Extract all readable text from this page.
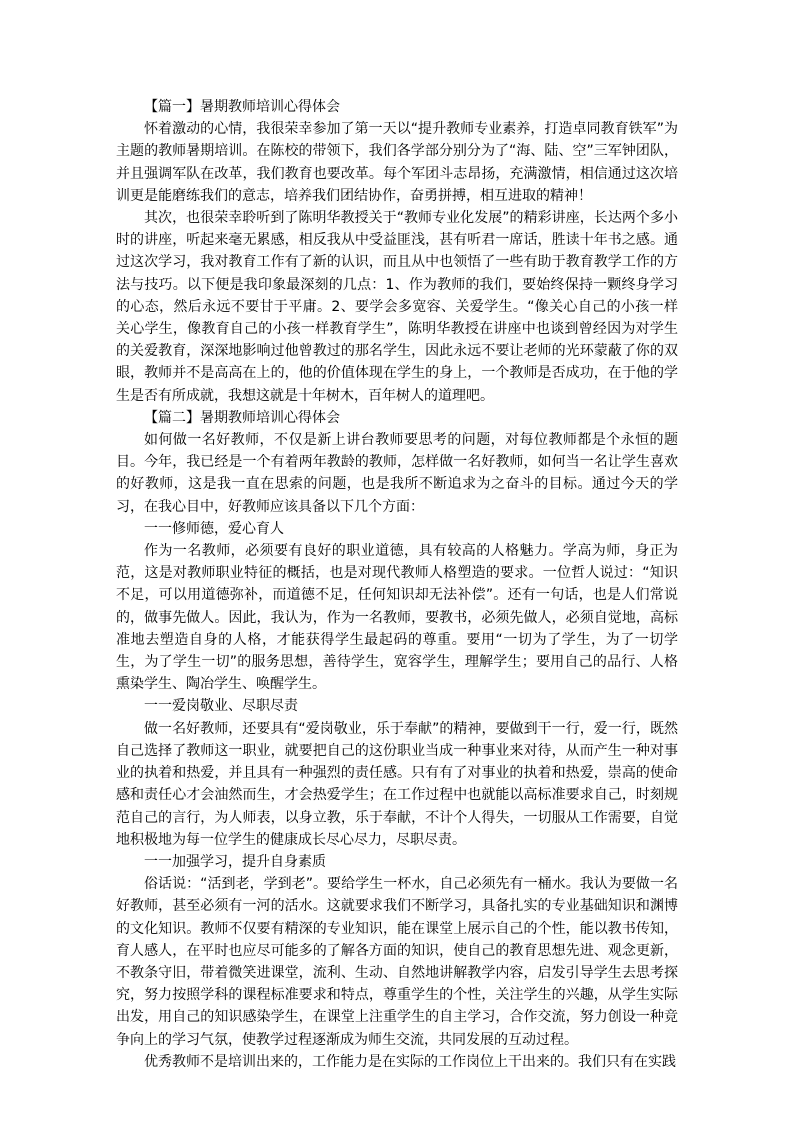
【篇一】暑期教师培训心得体会

怀着激动的心情，我很荣幸参加了第一天以“提升教师专业素养，打造卓同教育铁军”为主题的教师暑期培训。在陈校的带领下，我们各学部分别分为了“海、陆、空”三军钟团队，并且强调军队在改革，我们教育也要改革。每个军团斗志昂扬，充满激情，相信通过这次培训更是能磨练我们的意志，培养我们团结协作，奋勇拼搏，相互进取的精神！

其次，也很荣幸聆听到了陈明华教授关于“教师专业化发展”的精彩讲座，长达两个多小时的讲座，听起来毫无累感，相反我从中受益匪浅，甚有听君一席话，胜读十年书之感。通过这次学习，我对教育工作有了新的认识，而且从中也领悟了一些有助于教育教学工作的方法与技巧。以下便是我印象最深刻的几点：1、作为教师的我们，要始终保持一颗终身学习的心态，然后永远不要甘于平庸。2、要学会多宽容、关爱学生。“像关心自己的小孩一样关心学生，像教育自己的小孩一样教育学生”，陈明华教授在讲座中也谈到曾经因为对学生的关爱教育，深深地影响过他曾教过的那名学生，因此永远不要让老师的光环蒙蔽了你的双眼，教师并不是高高在上的，他的价值体现在学生的身上，一个教师是否成功，在于他的学生是否有所成就，我想这就是十年树木，百年树人的道理吧。

【篇二】暑期教师培训心得体会

如何做一名好教师，不仅是新上讲台教师要思考的问题，对每位教师都是个永恒的题目。今年，我已经是一个有着两年教龄的教师，怎样做一名好教师，如何当一名让学生喜欢的好教师，这是我一直在思索的问题，也是我所不断追求为之奋斗的目标。通过今天的学习，在我心目中，好教师应该具备以下几个方面：

一一修师德，爱心育人

作为一名教师，必须要有良好的职业道德，具有较高的人格魅力。学高为师，身正为范，这是对教师职业特征的概括，也是对现代教师人格塑造的要求。一位哲人说过：“知识不足，可以用道德弥补，而道德不足，任何知识却无法补偿”。还有一句话，也是人们常说的，做事先做人。因此，我认为，作为一名教师，要教书，必须先做人，必须自觉地，高标准地去塑造自身的人格，才能获得学生最起码的尊重。要用“一切为了学生，为了一切学生，为了学生一切”的服务思想，善待学生，宽容学生，理解学生；要用自己的品行、人格熏染学生、陶冶学生、唤醒学生。

一一爱岗敬业、尽职尽责

做一名好教师，还要具有“爱岗敬业，乐于奉献”的精神，要做到干一行，爱一行，既然自己选择了教师这一职业，就要把自己的这份职业当成一种事业来对待，从而产生一种对事业的执着和热爱，并且具有一种强烈的责任感。只有有了对事业的执着和热爱，崇高的使命感和责任心才会油然而生，才会热爱学生；在工作过程中也就能以高标准要求自己，时刻规范自己的言行，为人师表，以身立教，乐于奉献，不计个人得失，一切服从工作需要，自觉地积极地为每一位学生的健康成长尽心尽力，尽职尽责。

一一加强学习，提升自身素质

俗话说：“活到老，学到老”。要给学生一杯水，自己必须先有一桶水。我认为要做一名好教师，甚至必须有一河的活水。这就要求我们不断学习，具备扎实的专业基础知识和渊博的文化知识。教师不仅要有精深的专业知识，能在课堂上展示自己的个性，能以教书传知，育人感人，在平时也应尽可能多的了解各方面的知识，使自己的教育思想先进、观念更新，不教条守旧，带着微笑进课堂，流利、生动、自然地讲解教学内容，启发引导学生去思考探究，努力按照学科的课程标准要求和特点，尊重学生的个性，关注学生的兴趣，从学生实际出发，用自己的知识感染学生，在课堂上注重学生的自主学习，合作交流，努力创设一种竞争向上的学习气氛，使教学过程逐渐成为师生交流，共同发展的互动过程。

优秀教师不是培训出来的，工作能力是在实际的工作岗位上干出来的。我们只有在实践
